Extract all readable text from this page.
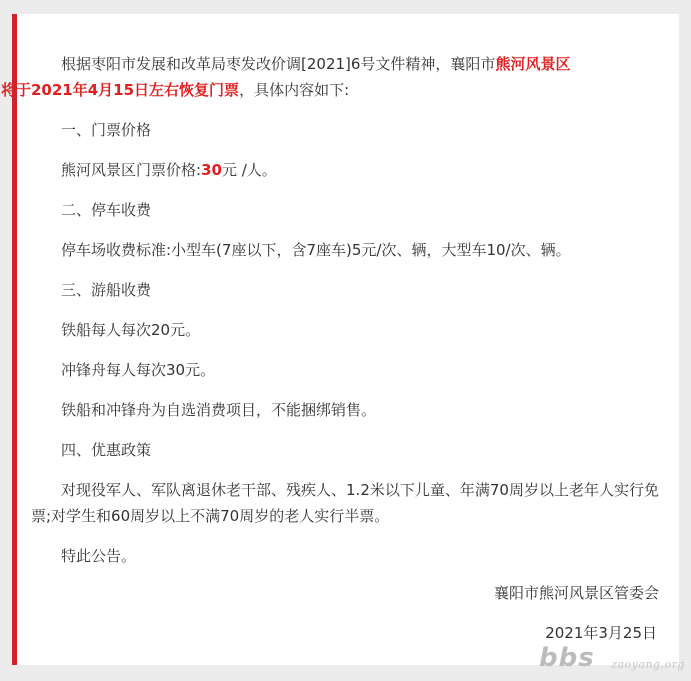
根据枣阳市发展和改革局枣发改价调[2021]6号文件精神，襄阳市熊河风景区
将于2021年4月15日左右恢复门票，具体内容如下:

一、门票价格

熊河风景区门票价格:30元 /人。

二、停车收费

停车场收费标准:小型车(7座以下，含7座车)5元/次、辆，大型车10/次、辆。

三、游船收费

铁船每人每次20元。

冲锋舟每人每次30元。

铁船和冲锋舟为自选消费项目，不能捆绑销售。

四、优惠政策

对现役军人、军队离退休老干部、残疾人、1.2米以下儿童、年满70周岁以上老年人实行免票;对学生和60周岁以上不满70周岁的老人实行半票。

特此公告。

襄阳市熊河风景区管委会
2021年3月25日
bbs zaoyang.org
